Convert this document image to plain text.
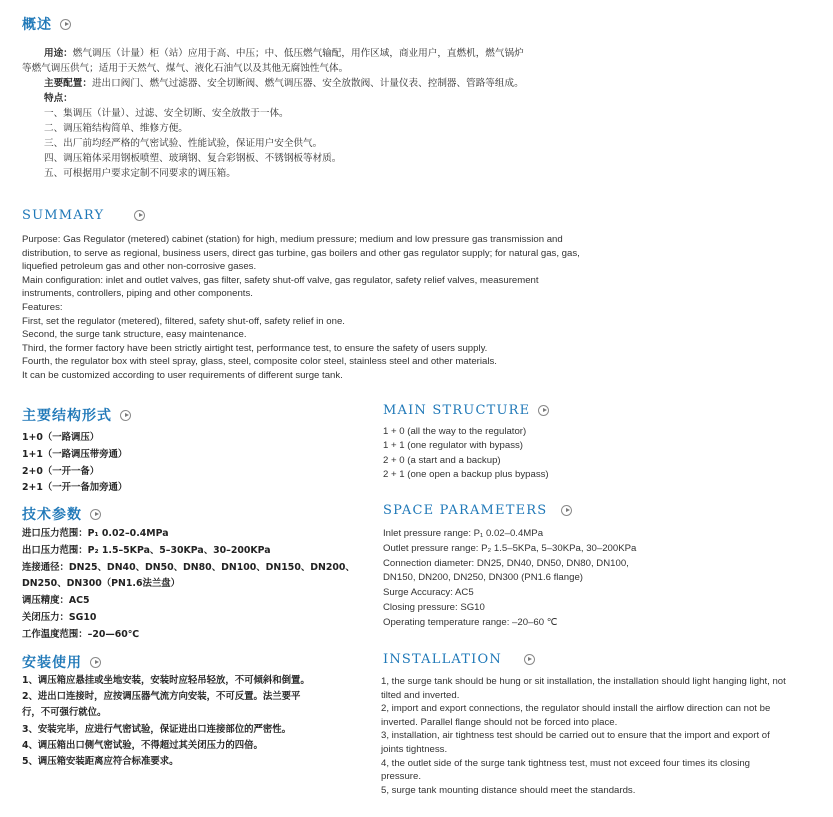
概述
用途：燃气调压（计量）柜（站）应用于高、中压；中、低压燃气输配，用作区域，商业用户，直燃机，燃气锅炉
等燃气调压供气；适用于天然气、煤气、液化石油气以及其他无腐蚀性气体。
主要配置：进出口阀门、燃气过滤器、安全切断阀、燃气调压器、安全放散阀、计量仪表、控制器、管路等组成。
特点：
一、集调压（计量）、过滤、安全切断、安全放散于一体。
二、调压箱结构简单、维修方便。
三、出厂前均经严格的气密试验、性能试验，保证用户安全供气。
四、调压箱体采用钢板喷塑、玻璃钢、复合彩钢板、不锈钢板等材质。
五、可根据用户要求定制不同要求的调压箱。
SUMMARY
Purpose: Gas Regulator (metered) cabinet (station) for high, medium pressure; medium and low pressure gas transmission and
distribution, to serve as regional, business users, direct gas turbine, gas boilers and other gas regulator supply; for natural gas, gas,
liquefied petroleum gas and other non-corrosive gases.
Main configuration: inlet and outlet valves, gas filter, safety shut-off valve, gas regulator, safety relief valves, measurement
instruments, controllers, piping and other components.
Features:
First, set the regulator (metered), filtered, safety shut-off, safety relief in one.
Second, the surge tank structure, easy maintenance.
Third, the former factory have been strictly airtight test, performance test, to ensure the safety of users supply.
Fourth, the regulator box with steel spray, glass, steel, composite color steel, stainless steel and other materials.
It can be customized according to user requirements of different surge tank.
主要结构形式
1+0（一路调压）
1+1（一路调压带旁通）
2+0（一开一备）
2+1（一开一备加旁通）
MAIN STRUCTURE
1 + 0 (all the way to the regulator)
1 + 1 (one regulator with bypass)
2 + 0 (a start and a backup)
2 + 1 (one open a backup plus bypass)
技术参数
进口压力范围：P₁ 0.02–0.4MPa
出口压力范围：P₂ 1.5–5KPa、5–30KPa、30–200KPa
连接通径：DN25、DN40、DN50、DN80、DN100、DN150、DN200、
DN250、DN300（PN1.6法兰盘）
调压精度：AC5
关闭压力：SG10
工作温度范围：–20—60℃
SPACE PARAMETERS
Inlet pressure range: P₁ 0.02–0.4MPa
Outlet pressure range: P₂ 1.5–5KPa, 5–30KPa, 30–200KPa
Connection diameter: DN25, DN40, DN50, DN80, DN100,
DN150, DN200, DN250, DN300 (PN1.6 flange)
Surge Accuracy: AC5
Closing pressure: SG10
Operating temperature range: –20–60 ℃
安装使用
1、调压箱应悬挂或坐地安装，安装时应轻吊轻放，不可倾斜和倒置。
2、进出口连接时，应按调压器气流方向安装，不可反置。法兰要平
行，不可强行就位。
3、安装完毕，应进行气密试验，保证进出口连接部位的严密性。
4、调压箱出口侧气密试验，不得超过其关闭压力的四倍。
5、调压箱安装距离应符合标准要求。
INSTALLATION
1, the surge tank should be hung or sit installation, the installation should light hanging light, not
tilted and inverted.
2, import and export connections, the regulator should install the airflow direction can not be
inverted. Parallel flange should not be forced into place.
3, installation, air tightness test should be carried out to ensure that the import and export of
joints tightness.
4, the outlet side of the surge tank tightness test, must not exceed four times its closing
pressure.
5, surge tank mounting distance should meet the standards.
